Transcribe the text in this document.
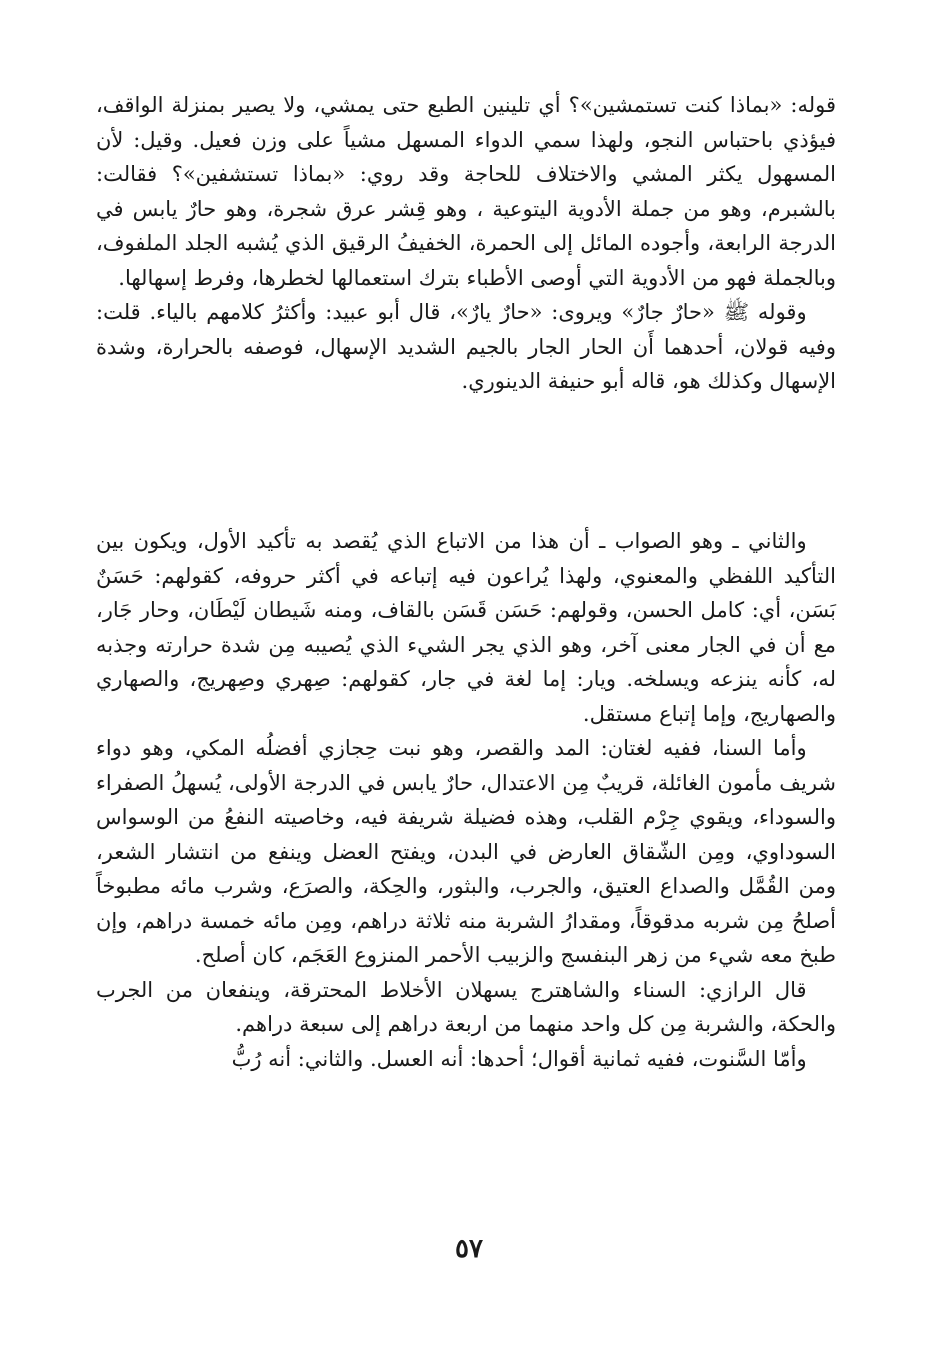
قوله: «بماذا كنت تستمشين»؟ أي تلينين الطبع حتى يمشي، ولا يصير بمنزلة الواقف، فيؤذي باحتباس النجو، ولهذا سمي الدواء المسهل مشياً على وزن فعيل. وقيل: لأن المسهول يكثر المشي والاختلاف للحاجة وقد روي: «بماذا تستشفين»؟ فقالت: بالشبرم، وهو من جملة الأدوية اليتوعية ، وهو قِشر عرق شجرة، وهو حارٌ يابس في الدرجة الرابعة، وأجوده المائل إلى الحمرة، الخفيفُ الرقيق الذي يُشبه الجلد الملفوف، وبالجملة فهو من الأدوية التي أوصى الأطباء بترك استعمالها لخطرها، وفرط إسهالها.

وقوله ﷺ «حارٌ جارٌ» ويروى: «حارٌ يارٌ»، قال أبو عبيد: وأكثرُ كلامهم بالياء. قلت: وفيه قولان، أحدهما أَن الحار الجار بالجيم الشديد الإسهال، فوصفه بالحرارة، وشدة الإسهال وكذلك هو، قاله أبو حنيفة الدينوري.

والثاني ـ وهو الصواب ـ أن هذا من الاتباع الذي يُقصد به تأكيد الأول، ويكون بين التأكيد اللفظي والمعنوي، ولهذا يُراعون فيه إتباعه في أكثر حروفه، كقولهم: حَسَنٌ بَسَن، أي: كامل الحسن، وقولهم: حَسَن قَسَن بالقاف، ومنه شَيطان لَيْطَان، وحار جَار، مع أن في الجار معنى آخر، وهو الذي يجر الشيء الذي يُصيبه مِن شدة حرارته وجذبه له، كأنه ينزعه ويسلخه. ويار: إما لغة في جار، كقولهم: صِهري وصِهريج، والصهاري والصهاريج، وإما إتباع مستقل.

وأما السنا، ففيه لغتان: المد والقصر، وهو نبت حِجازي أفضلُه المكي، وهو دواء شريف مأمون الغائلة، قريبٌ مِن الاعتدال، حارٌ يابس في الدرجة الأولى، يُسهلُ الصفراء والسوداء، ويقوي جِرْم القلب، وهذه فضيلة شريفة فيه، وخاصيته النفعُ من الوسواس السوداوي، ومِن الشّقاق العارض في البدن، ويفتح العضل وينفع من انتشار الشعر، ومن القُمَّل والصداع العتيق، والجرب، والبثور، والحِكة، والصرَع، وشرب مائه مطبوخاً أصلحُ مِن شربه مدقوقاً، ومقدارُ الشربة منه ثلاثة دراهم، ومِن مائه خمسة دراهم، وإن طبخ معه شيء من زهر البنفسج والزبيب الأحمر المنزوع العَجَم، كان أصلح.

قال الرازي: السناء والشاهترج يسهلان الأخلاط المحترقة، وينفعان من الجرب والحكة، والشربة مِن كل واحد منهما من اربعة دراهم إلى سبعة دراهم.

وأمّا السَّنوت، ففيه ثمانية أقوال؛ أحدها: أنه العسل. والثاني: أنه رُبُّ

٥٧
